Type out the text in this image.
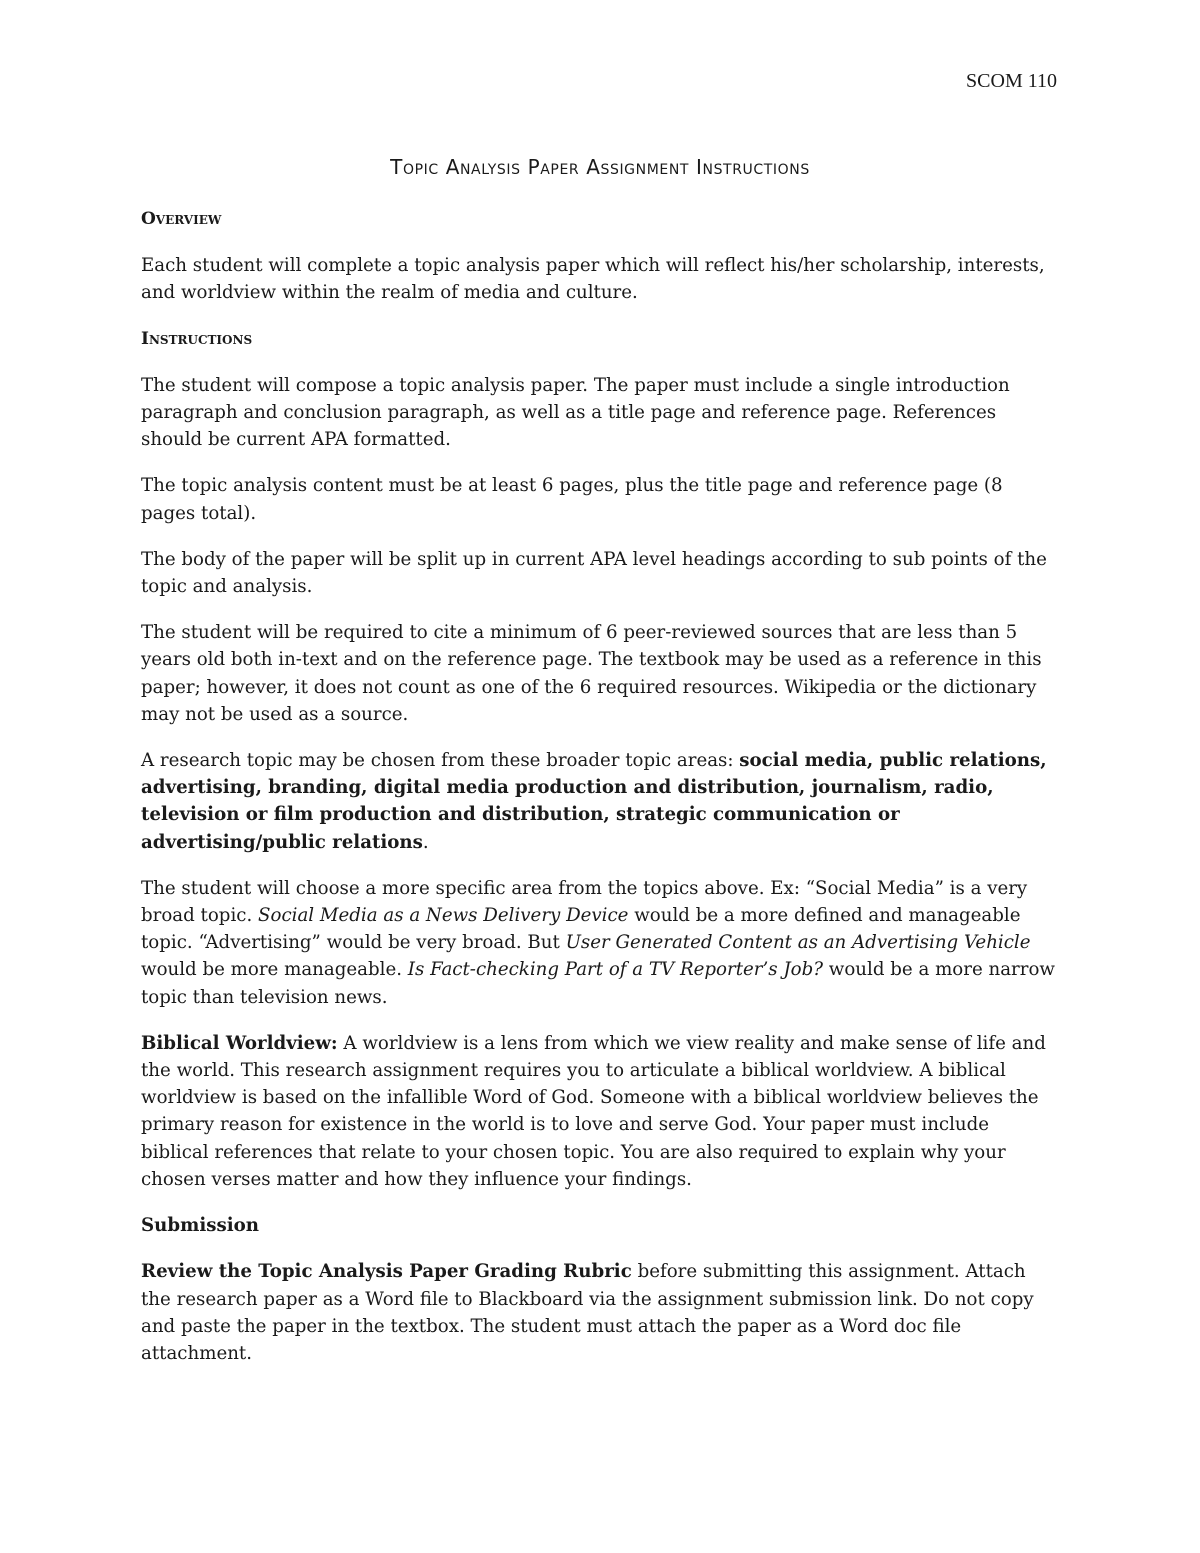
SCOM 110
Topic Analysis Paper Assignment Instructions
Overview

Each student will complete a topic analysis paper which will reflect his/her scholarship, interests, and worldview within the realm of media and culture.

Instructions

The student will compose a topic analysis paper. The paper must include a single introduction paragraph and conclusion paragraph, as well as a title page and reference page. References should be current APA formatted.

The topic analysis content must be at least 6 pages, plus the title page and reference page (8 pages total).

The body of the paper will be split up in current APA level headings according to sub points of the topic and analysis.

The student will be required to cite a minimum of 6 peer-reviewed sources that are less than 5 years old both in-text and on the reference page. The textbook may be used as a reference in this paper; however, it does not count as one of the 6 required resources. Wikipedia or the dictionary may not be used as a source.

A research topic may be chosen from these broader topic areas: social media, public relations, advertising, branding, digital media production and distribution, journalism, radio, television or film production and distribution, strategic communication or advertising/public relations.

The student will choose a more specific area from the topics above. Ex: “Social Media” is a very broad topic. Social Media as a News Delivery Device would be a more defined and manageable topic. “Advertising” would be very broad. But User Generated Content as an Advertising Vehicle would be more manageable. Is Fact-checking Part of a TV Reporter’s Job? would be a more narrow topic than television news.

Biblical Worldview: A worldview is a lens from which we view reality and make sense of life and the world. This research assignment requires you to articulate a biblical worldview. A biblical worldview is based on the infallible Word of God. Someone with a biblical worldview believes the primary reason for existence in the world is to love and serve God. Your paper must include biblical references that relate to your chosen topic. You are also required to explain why your chosen verses matter and how they influence your findings.

Submission

Review the Topic Analysis Paper Grading Rubric before submitting this assignment. Attach the research paper as a Word file to Blackboard via the assignment submission link. Do not copy and paste the paper in the textbox. The student must attach the paper as a Word doc file attachment.
